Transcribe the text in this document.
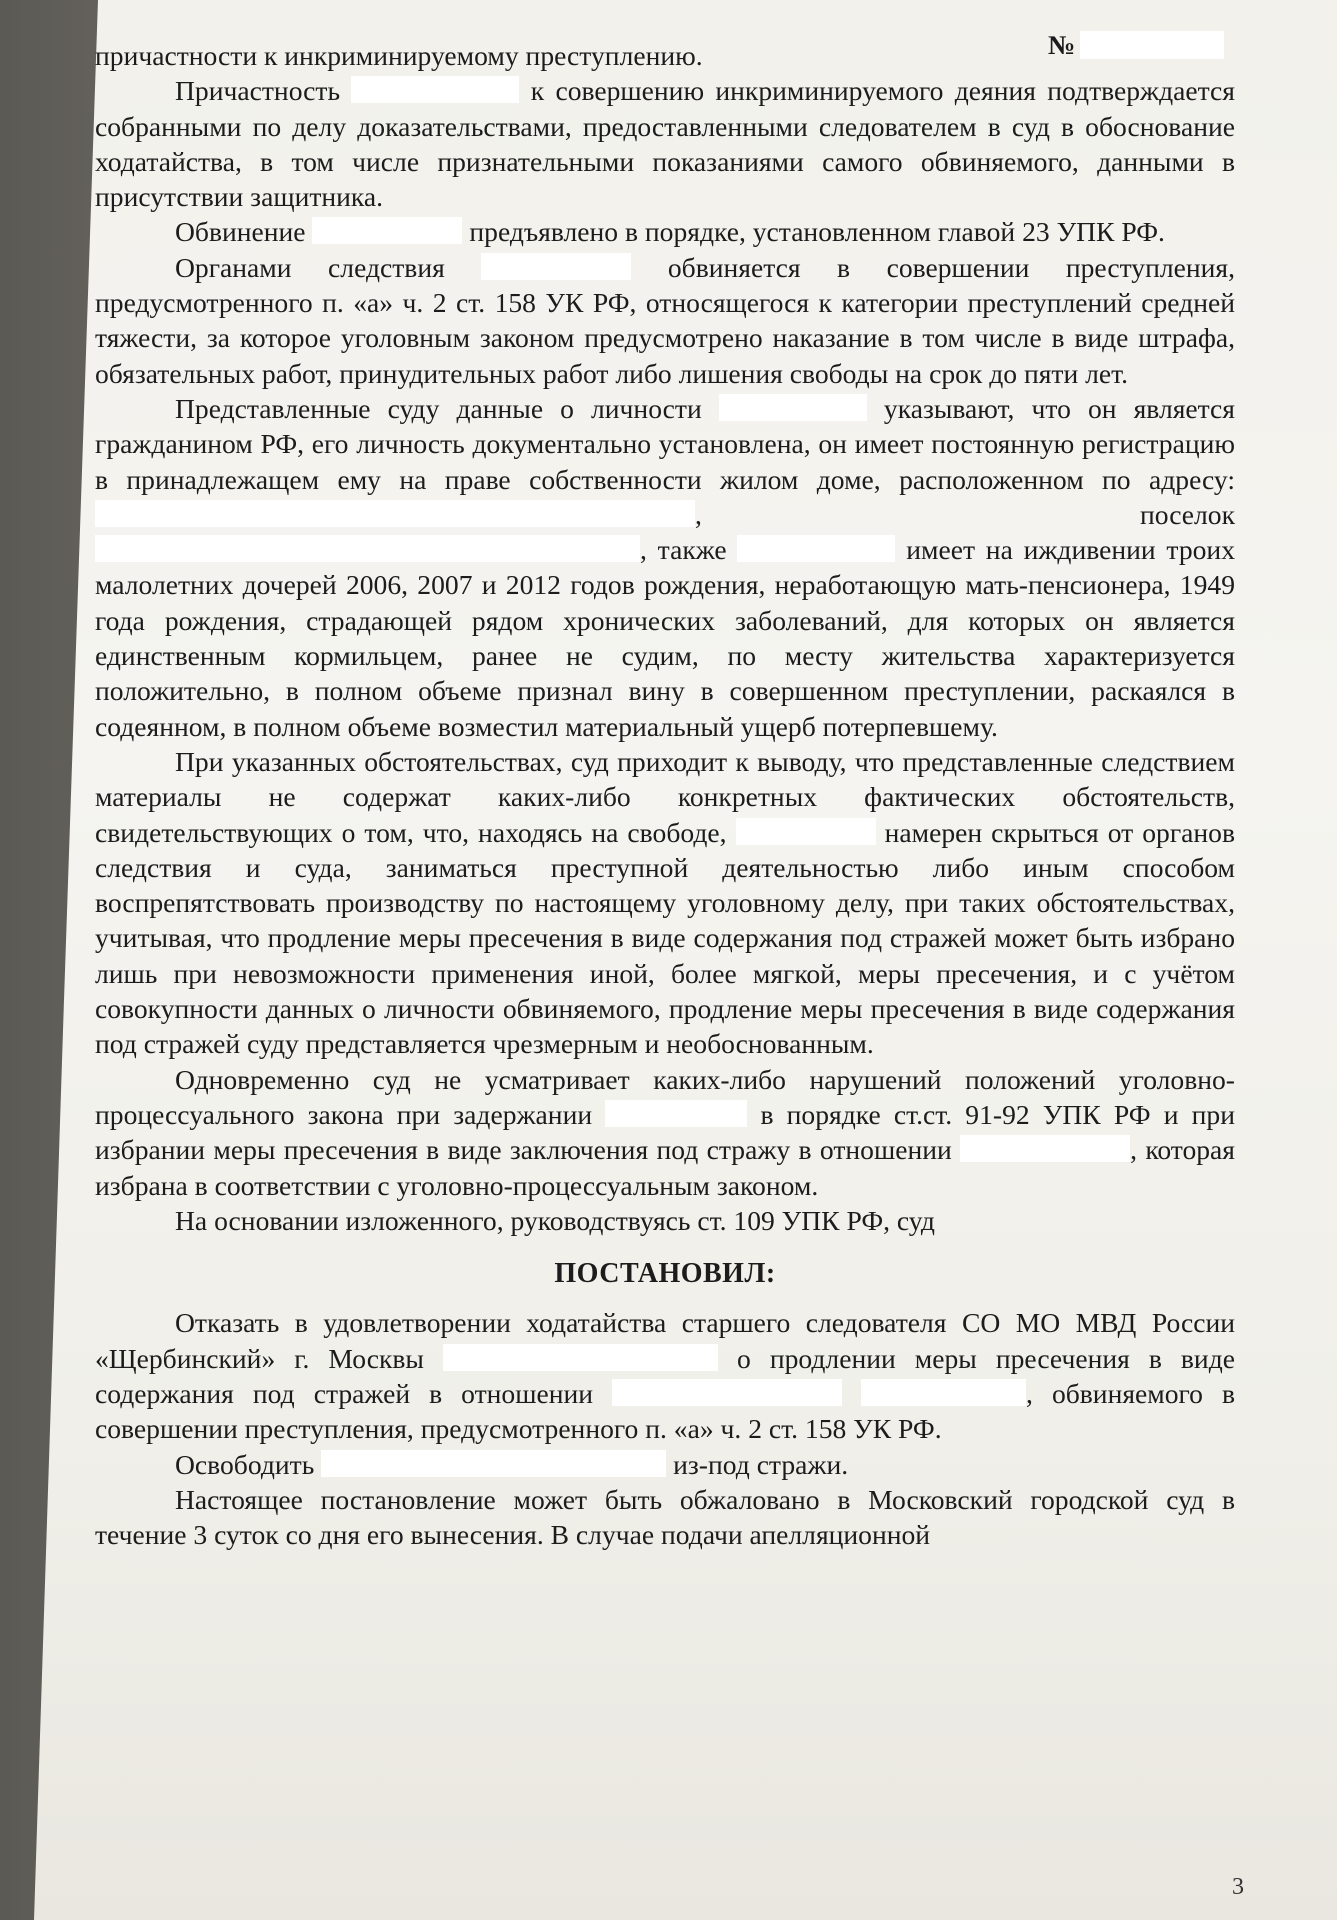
№

причастности к инкриминируемому преступлению.

Причастность	к совершению инкриминируемого деяния подтверждается собранными по делу доказательствами, предоставленными следователем в суд в обоснование ходатайства, в том числе признательными показаниями самого обвиняемого, данными в присутствии защитника.

Обвинение	предъявлено в порядке, установленном главой 23 УПК РФ.

Органами следствия	обвиняется в совершении преступления, предусмотренного п. «а» ч. 2 ст. 158 УК РФ, относящегося к категории преступлений средней тяжести, за которое уголовным законом предусмотрено наказание в том числе в виде штрафа, обязательных работ, принудительных работ либо лишения свободы на срок до пяти лет.

Представленные суду данные о личности	указывают, что он является гражданином РФ, его личность документально установлена, он имеет постоянную регистрацию в принадлежащем ему на праве собственности жилом доме, расположенном по адресу: ,	поселок , также	имеет на иждивении троих малолетних дочерей 2006, 2007 и 2012 годов рождения, неработающую мать-пенсионера, 1949 года рождения, страдающей рядом хронических заболеваний, для которых он является единственным кормильцем, ранее не судим, по месту жительства характеризуется положительно, в полном объеме признал вину в совершенном преступлении, раскаялся в содеянном, в полном объеме возместил материальный ущерб потерпевшему.

При указанных обстоятельствах, суд приходит к выводу, что представленные следствием материалы не содержат каких-либо конкретных фактических обстоятельств, свидетельствующих о том, что, находясь на свободе,	намерен скрыться от органов следствия и суда, заниматься преступной деятельностью либо иным способом воспрепятствовать производству по настоящему уголовному делу, при таких обстоятельствах, учитывая, что продление меры пресечения в виде содержания под стражей может быть избрано лишь при невозможности применения иной, более мягкой, меры пресечения, и с учётом совокупности данных о личности обвиняемого, продление меры пресечения в виде содержания под стражей суду представляется чрезмерным и необоснованным.

Одновременно суд не усматривает каких-либо нарушений положений уголовно-процессуального закона при задержании	в порядке ст.ст. 91-92 УПК РФ и при избрании меры пресечения в виде заключения под стражу в отношении	, которая избрана в соответствии с уголовно-процессуальным законом.

На основании изложенного, руководствуясь ст. 109 УПК РФ, суд

ПОСТАНОВИЛ:

Отказать в удовлетворении ходатайства старшего следователя СО МО МВД России «Щербинский» г. Москвы	о продлении меры пресечения в виде содержания под стражей в отношении	, обвиняемого в совершении преступления, предусмотренного п. «а» ч. 2 ст. 158 УК РФ.

Освободить	из-под стражи.

Настоящее постановление может быть обжаловано в Московский городской суд в течение 3 суток со дня его вынесения. В случае подачи апелляционной

3
